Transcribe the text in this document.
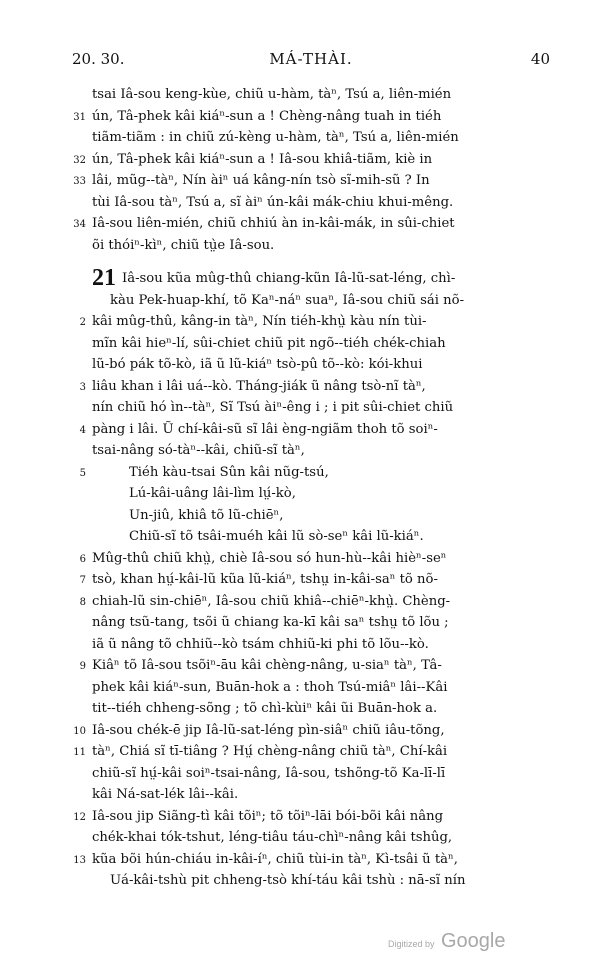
20. 30.	MÁ-THÀI.	40
tsai Iâ-sou keng-kùe, chiũ u-hàm, tàⁿ, Tsú a, liên-mién
31 ún, Tâ-phek kâi kiáⁿ-sun a ! Chèng-nâng tuah in tiéh
tiãm-tiãm : in chiũ zú-kèng u-hàm, tàⁿ, Tsú a, liên-mién
32 ún, Tâ-phek kâi kiáⁿ-sun a ! Iâ-sou khiâ-tiãm, kiè in
33 lâi, mũg--tàⁿ, Nín àiⁿ uá kâng-nín tsò sĩ-mih-sũ ? In
tùi Iâ-sou tàⁿ, Tsú a, sĩ àiⁿ ún-kâi mák-chiu khui-mêng.
34 Iâ-sou liên-mién, chiũ chhiú àn in-kâi-mák, in sûi-chiet
õi thóiⁿ-kìⁿ, chiũ tṳ̀e Iâ-sou.
21 Iâ-sou kũa mûg-thû chiang-kũn Iâ-lũ-sat-léng, chì-
kàu Pek-huap-khí, tõ Kaⁿ-náⁿ suaⁿ, Iâ-sou chiũ sái nõ-
2 kâi mûg-thû, kâng-in tàⁿ, Nín tiéh-khṳ̀ kàu nín tùi-
mĩn kâi hieⁿ-lí, sûi-chiet chiũ pit ngõ--tiéh chék-chiah
lũ-bó pák tõ-kò, iã ũ lũ-kiáⁿ tsò-pû tõ--kò: kói-khui
3 liâu khan i lâi uá--kò. Tháng-jiák ũ nâng tsò-nĩ tàⁿ,
nín chiũ hó ìn--tàⁿ, Sĩ Tsú àiⁿ-êng i ; i pit sûi-chiet chiũ
4 pàng i lâi. Ũ chí-kâi-sũ sĩ lâi èng-ngiãm thoh tõ soiⁿ-
tsai-nâng só-tàⁿ--kâi, chiũ-sĩ tàⁿ,
5	Tiéh kàu-tsai Sûn kâi nũg-tsú,
Lú-kâi-uâng lâi-lìm lṳ́-kò,
Un-jiû, khiâ tõ lũ-chiēⁿ,
Chiũ-sĩ tõ tsâi-muéh kâi lũ sò-seⁿ kâi lũ-kiáⁿ.
6 Mûg-thû chiũ khṳ̀, chiè Iâ-sou só hun-hù--kâi hièⁿ-seⁿ
7 tsò, khan hṳ́-kâi-lũ kũa lũ-kiáⁿ, tshṳ in-kâi-saⁿ tõ nõ-
8 chiah-lũ sin-chiēⁿ, Iâ-sou chiũ khiâ--chiēⁿ-khṳ̀. Chèng-
nâng tsũ-tang, tsõi ũ chiang ka-kī kâi saⁿ tshṳ tõ lõu ;
iã ũ nâng tõ chhiũ--kò tsám chhiũ-ki phi tõ lõu--kò.
9 Kiâⁿ tõ Iâ-sou tsõiⁿ-āu kâi chèng-nâng, u-siaⁿ tàⁿ, Tâ-
phek kâi kiáⁿ-sun, Buān-hok a : thoh Tsú-miâⁿ lâi--Kâi
tit--tiéh chheng-sõng ; tõ chì-kùiⁿ kâi ũi Buān-hok a.
10 Iâ-sou chék-ē jip Iâ-lũ-sat-léng pìn-siâⁿ chiũ iâu-tõng,
11 tàⁿ, Chiá sĩ tī-tiâng ? Hṳ́ chèng-nâng chiũ tàⁿ, Chí-kâi
chiũ-sĩ hṳ́-kâi soiⁿ-tsai-nâng, Iâ-sou, tshõng-tõ Ka-lī-lī
kâi Ná-sat-lék lâi--kâi.
12 Iâ-sou jip Siãng-tì kâi tõiⁿ; tõ tõiⁿ-lāi bói-bõi kâi nâng
chék-khai tók-tshut, léng-tiâu táu-chìⁿ-nâng kâi tshûg,
13 kũa bõi hún-chiáu in-kâi-íⁿ, chiũ tùi-in tàⁿ, Kì-tsâi ũ tàⁿ,
Uá-kâi-tshù pit chheng-tsò khí-táu kâi tshù : nā-sĩ nín
Digitized by Google
